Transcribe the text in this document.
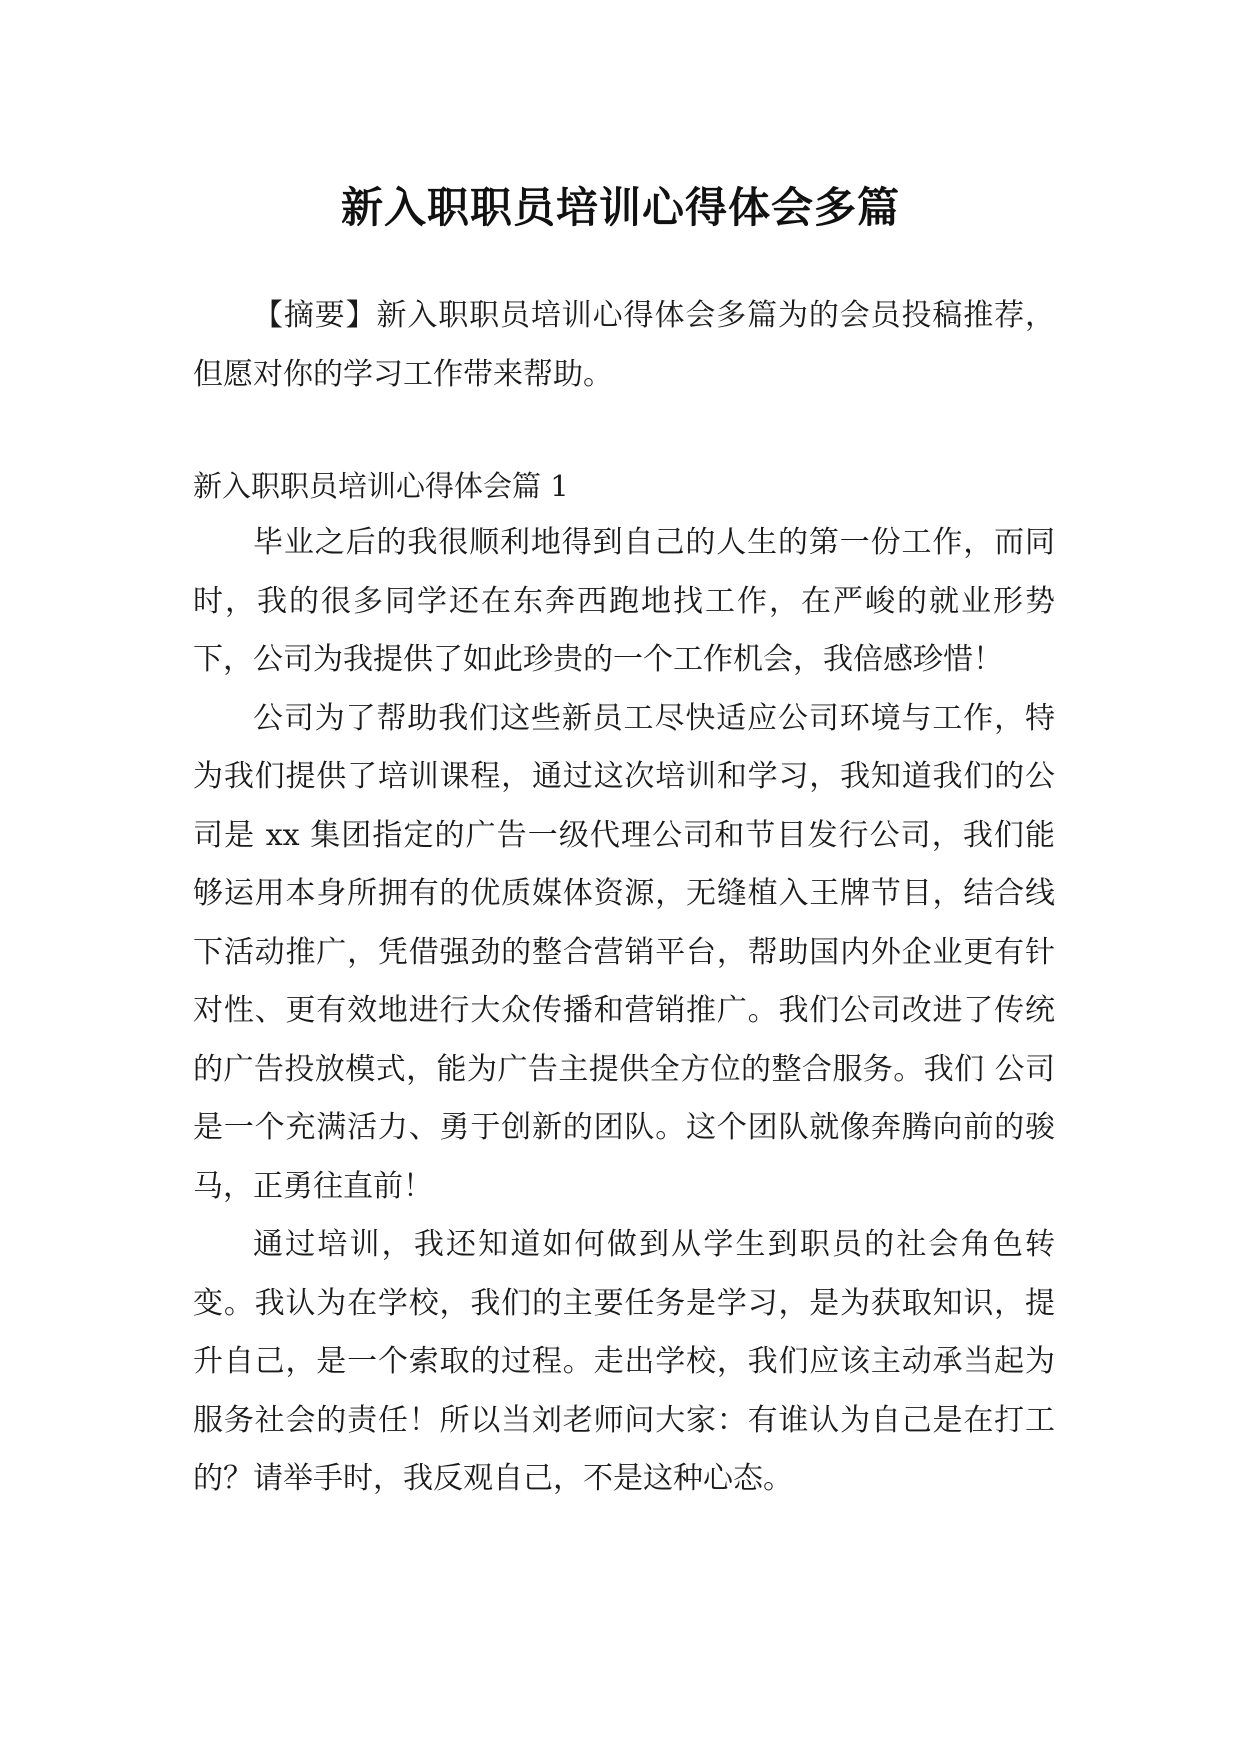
新入职职员培训心得体会多篇

【摘要】新入职职员培训心得体会多篇为的会员投稿推荐，但愿对你的学习工作带来帮助。

新入职职员培训心得体会篇 1

毕业之后的我很顺利地得到自己的人生的第一份工作，而同时，我的很多同学还在东奔西跑地找工作，在严峻的就业形势下，公司为我提供了如此珍贵的一个工作机会，我倍感珍惜！

公司为了帮助我们这些新员工尽快适应公司环境与工作，特为我们提供了培训课程，通过这次培训和学习，我知道我们的公司是 xx 集团指定的广告一级代理公司和节目发行公司，我们能够运用本身所拥有的优质媒体资源，无缝植入王牌节目，结合线下活动推广，凭借强劲的整合营销平台，帮助国内外企业更有针对性、更有效地进行大众传播和营销推广。我们公司改进了传统的广告投放模式，能为广告主提供全方位的整合服务。我们 公司是一个充满活力、勇于创新的团队。这个团队就像奔腾向前的骏马，正勇往直前！

通过培训，我还知道如何做到从学生到职员的社会角色转变。我认为在学校，我们的主要任务是学习，是为获取知识，提升自己，是一个索取的过程。走出学校，我们应该主动承当起为服务社会的责任！所以当刘老师问大家：有谁认为自己是在打工的？请举手时，我反观自己，不是这种心态。
